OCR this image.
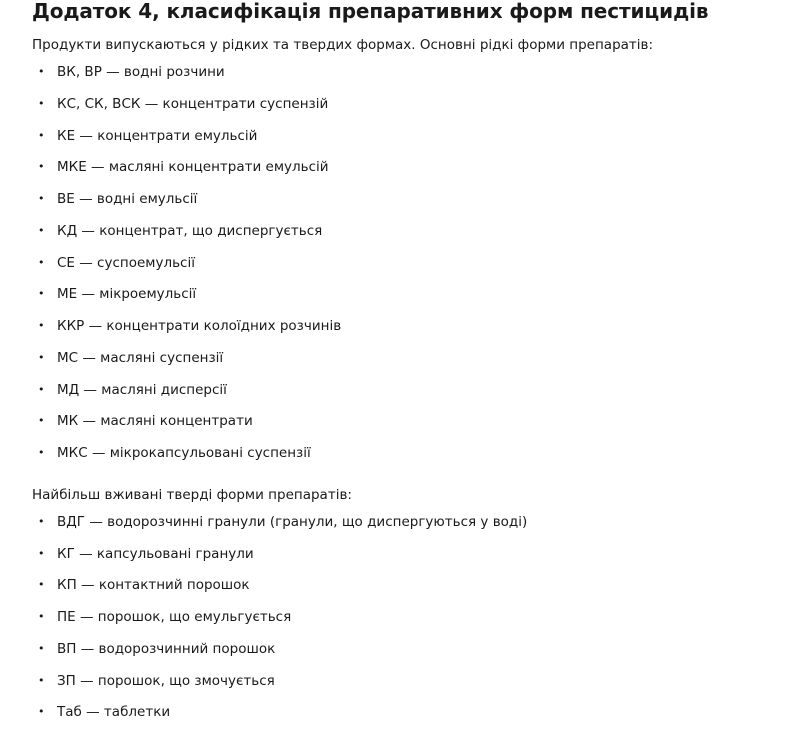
Додаток 4, класифікація препаративних форм пестицидів

Продукти випускаються у рідких та твердих формах. Основні рідкі форми препаратів:

• ВК, ВР — водні розчини
• КС, СК, ВСК — концентрати суспензій
• КЕ — концентрати емульсій
• МКЕ — масляні концентрати емульсій
• ВЕ — водні емульсії
• КД — концентрат, що диспергується
• СЕ — суспоемульсії
• МЕ — мікроемульсії
• ККР — концентрати колоїдних розчинів
• МС — масляні суспензії
• МД — масляні дисперсії
• МК — масляні концентрати
• МКС — мікрокапсульовані суспензії

Найбільш вживані тверді форми препаратів:

• ВДГ — водорозчинні гранули (гранули, що диспергуються у воді)
• КГ — капсульовані гранули
• КП — контактний порошок
• ПЕ — порошок, що емульгується
• ВП — водорозчинний порошок
• ЗП — порошок, що змочується
• Таб — таблетки
